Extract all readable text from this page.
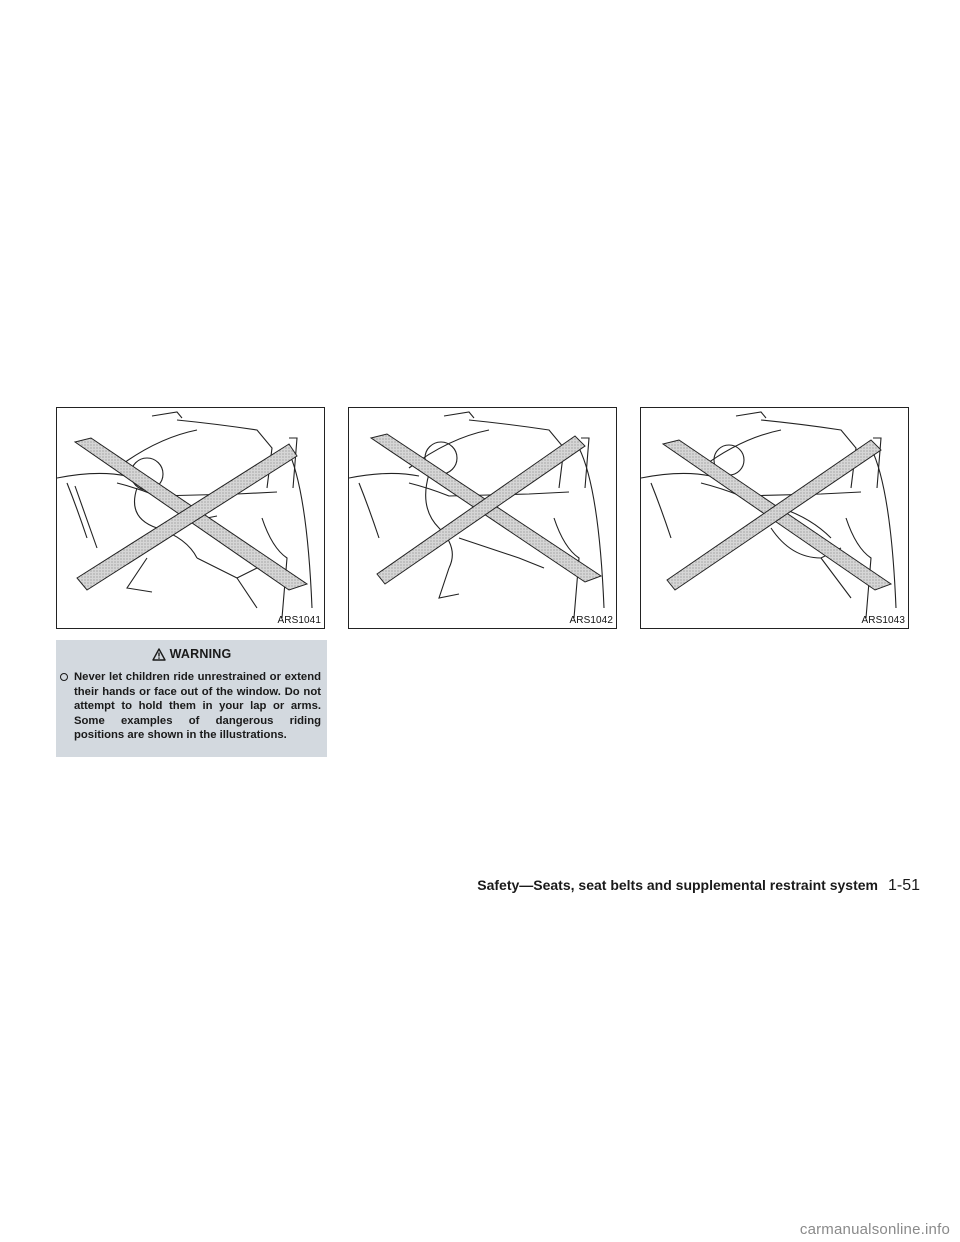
ARS1041	ARS1042	ARS1043
WARNING
Never let children ride unrestrained or extend their hands or face out of the window. Do not attempt to hold them in your lap or arms. Some examples of dangerous riding positions are shown in the illustrations.
Safety—Seats, seat belts and supplemental restraint system 1-51
carmanualsonline.info
